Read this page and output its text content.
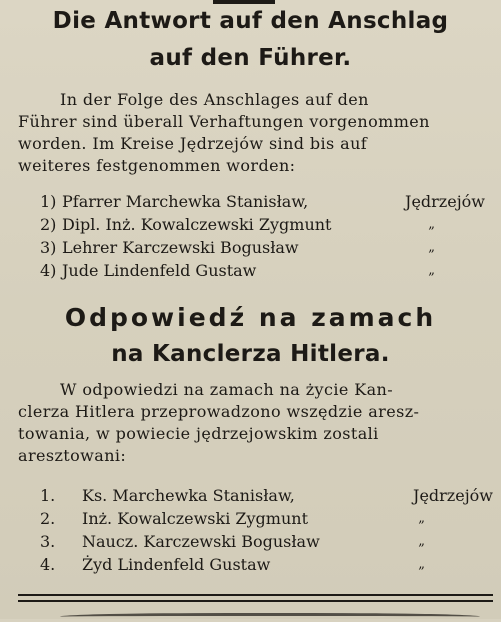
Die Antwort auf den Anschlag
auf den Führer.
In der Folge des Anschlages auf den
Führer sind überall Verhaftungen vorgenommen
worden. Im Kreise Jędrzejów sind bis auf
weiteres festgenommen worden:
1) Pfarrer Marchewka Stanisław,	Jędrzejów
2) Dipl. Inż. Kowalczewski Zygmunt	„
3) Lehrer Karczewski Bogusław	„
4) Jude Lindenfeld Gustaw	„
Odpowiedź na zamach
na Kanclerza Hitlera.
W odpowiedzi na zamach na życie Kan-
clerza Hitlera przeprowadzono wszędzie aresz-
towania, w powiecie jędrzejowskim zostali
aresztowani:
1. Ks. Marchewka Stanisław,	Jędrzejów
2. Inż. Kowalczewski Zygmunt	„
3. Naucz. Karczewski Bogusław	„
4. Żyd Lindenfeld Gustaw	„
